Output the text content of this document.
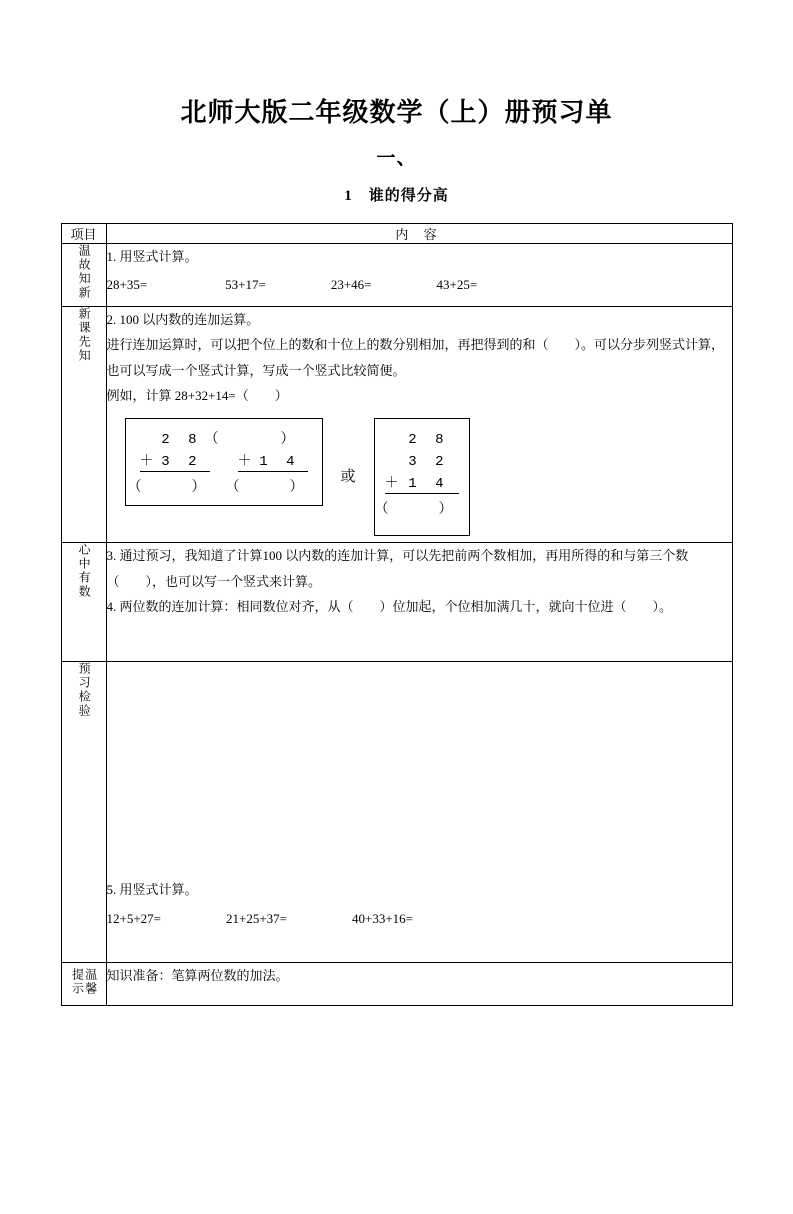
北师大版二年级数学（上）册预习单
一、
1　谁的得分高
项目	内 容
温故知新	1. 用竖式计算。

28+35=　　　　　　53+17=　　　　　23+46=　　　　　43+25=

新课先知	2. 100 以内数的连加运算。

进行连加运算时，可以把个位上的数和十位上的数分别相加，再把得到的和（　　）。可以分步列竖式计算，也可以写成一个竖式计算，写成一个竖式比较简便。

例如，计算 28+32+14=（　　）

2 8
＋ 3 2
（　　　）
（　　　）
＋ 1 4
（　　　）
或
2 8
3 2
＋ 1 4
（　　　）

心中有数	3. 通过预习，我知道了计算100 以内数的连加计算，可以先把前两个数相加，再用所得的和与第三个数（　　），也可以写一个竖式来计算。

4. 两位数的连加计算：相同数位对齐，从（　　）位加起，个位相加满几十，就向十位进（　　）。

预习检验	5. 用竖式计算。

12+5+27=　　　　　21+25+37=　　　　　40+33+16=

温馨提示	知识准备：笔算两位数的加法。
